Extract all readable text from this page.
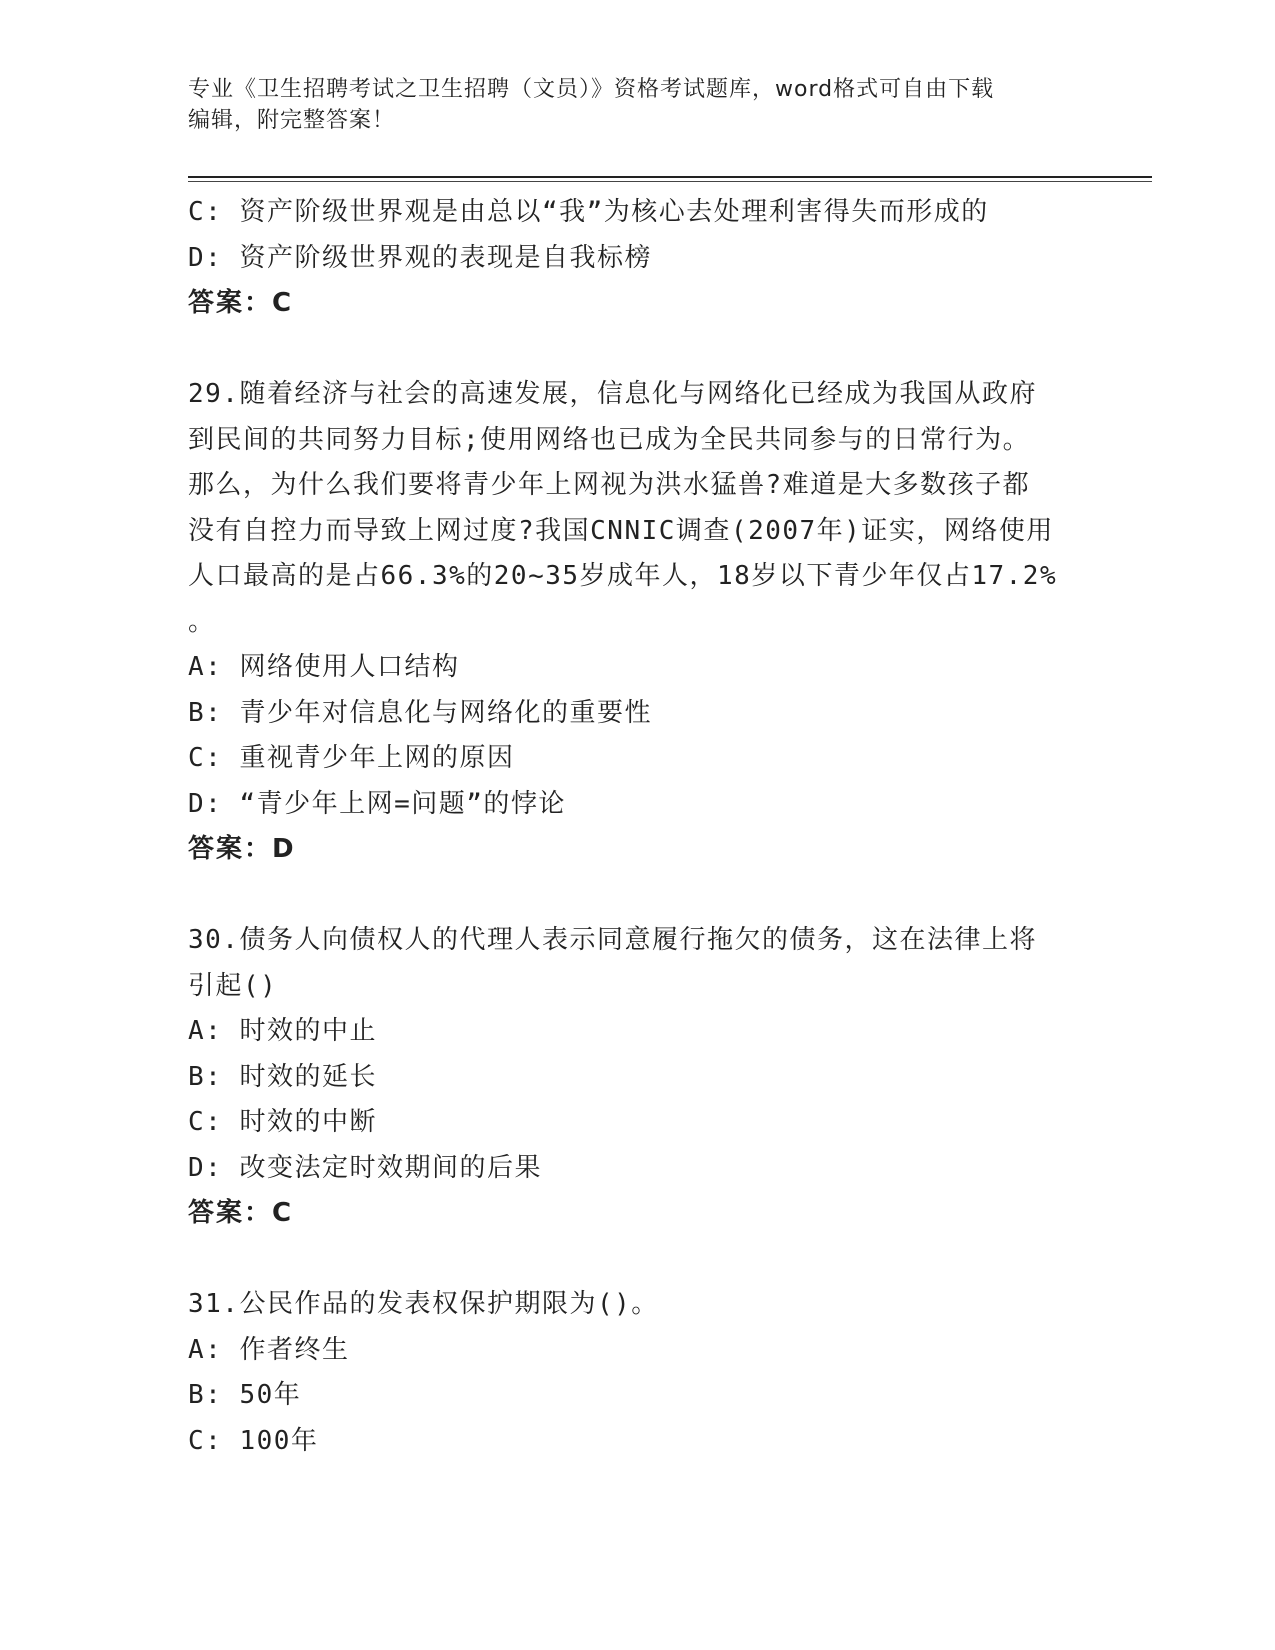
专业《卫生招聘考试之卫生招聘（文员）》资格考试题库，word格式可自由下载
编辑，附完整答案！
C: 资产阶级世界观是由总以“我”为核心去处理利害得失而形成的
D: 资产阶级世界观的表现是自我标榜
答案：C
29.随着经济与社会的高速发展，信息化与网络化已经成为我国从政府
到民间的共同努力目标;使用网络也已成为全民共同参与的日常行为。
那么，为什么我们要将青少年上网视为洪水猛兽?难道是大多数孩子都
没有自控力而导致上网过度?我国CNNIC调查(2007年)证实，网络使用
人口最高的是占66.3%的20~35岁成年人，18岁以下青少年仅占17.2%
。
A: 网络使用人口结构
B: 青少年对信息化与网络化的重要性
C: 重视青少年上网的原因
D: “青少年上网=问题”的悖论
答案：D
30.债务人向债权人的代理人表示同意履行拖欠的债务，这在法律上将
引起()
A: 时效的中止
B: 时效的延长
C: 时效的中断
D: 改变法定时效期间的后果
答案：C
31.公民作品的发表权保护期限为()。
A: 作者终生
B: 50年
C: 100年
